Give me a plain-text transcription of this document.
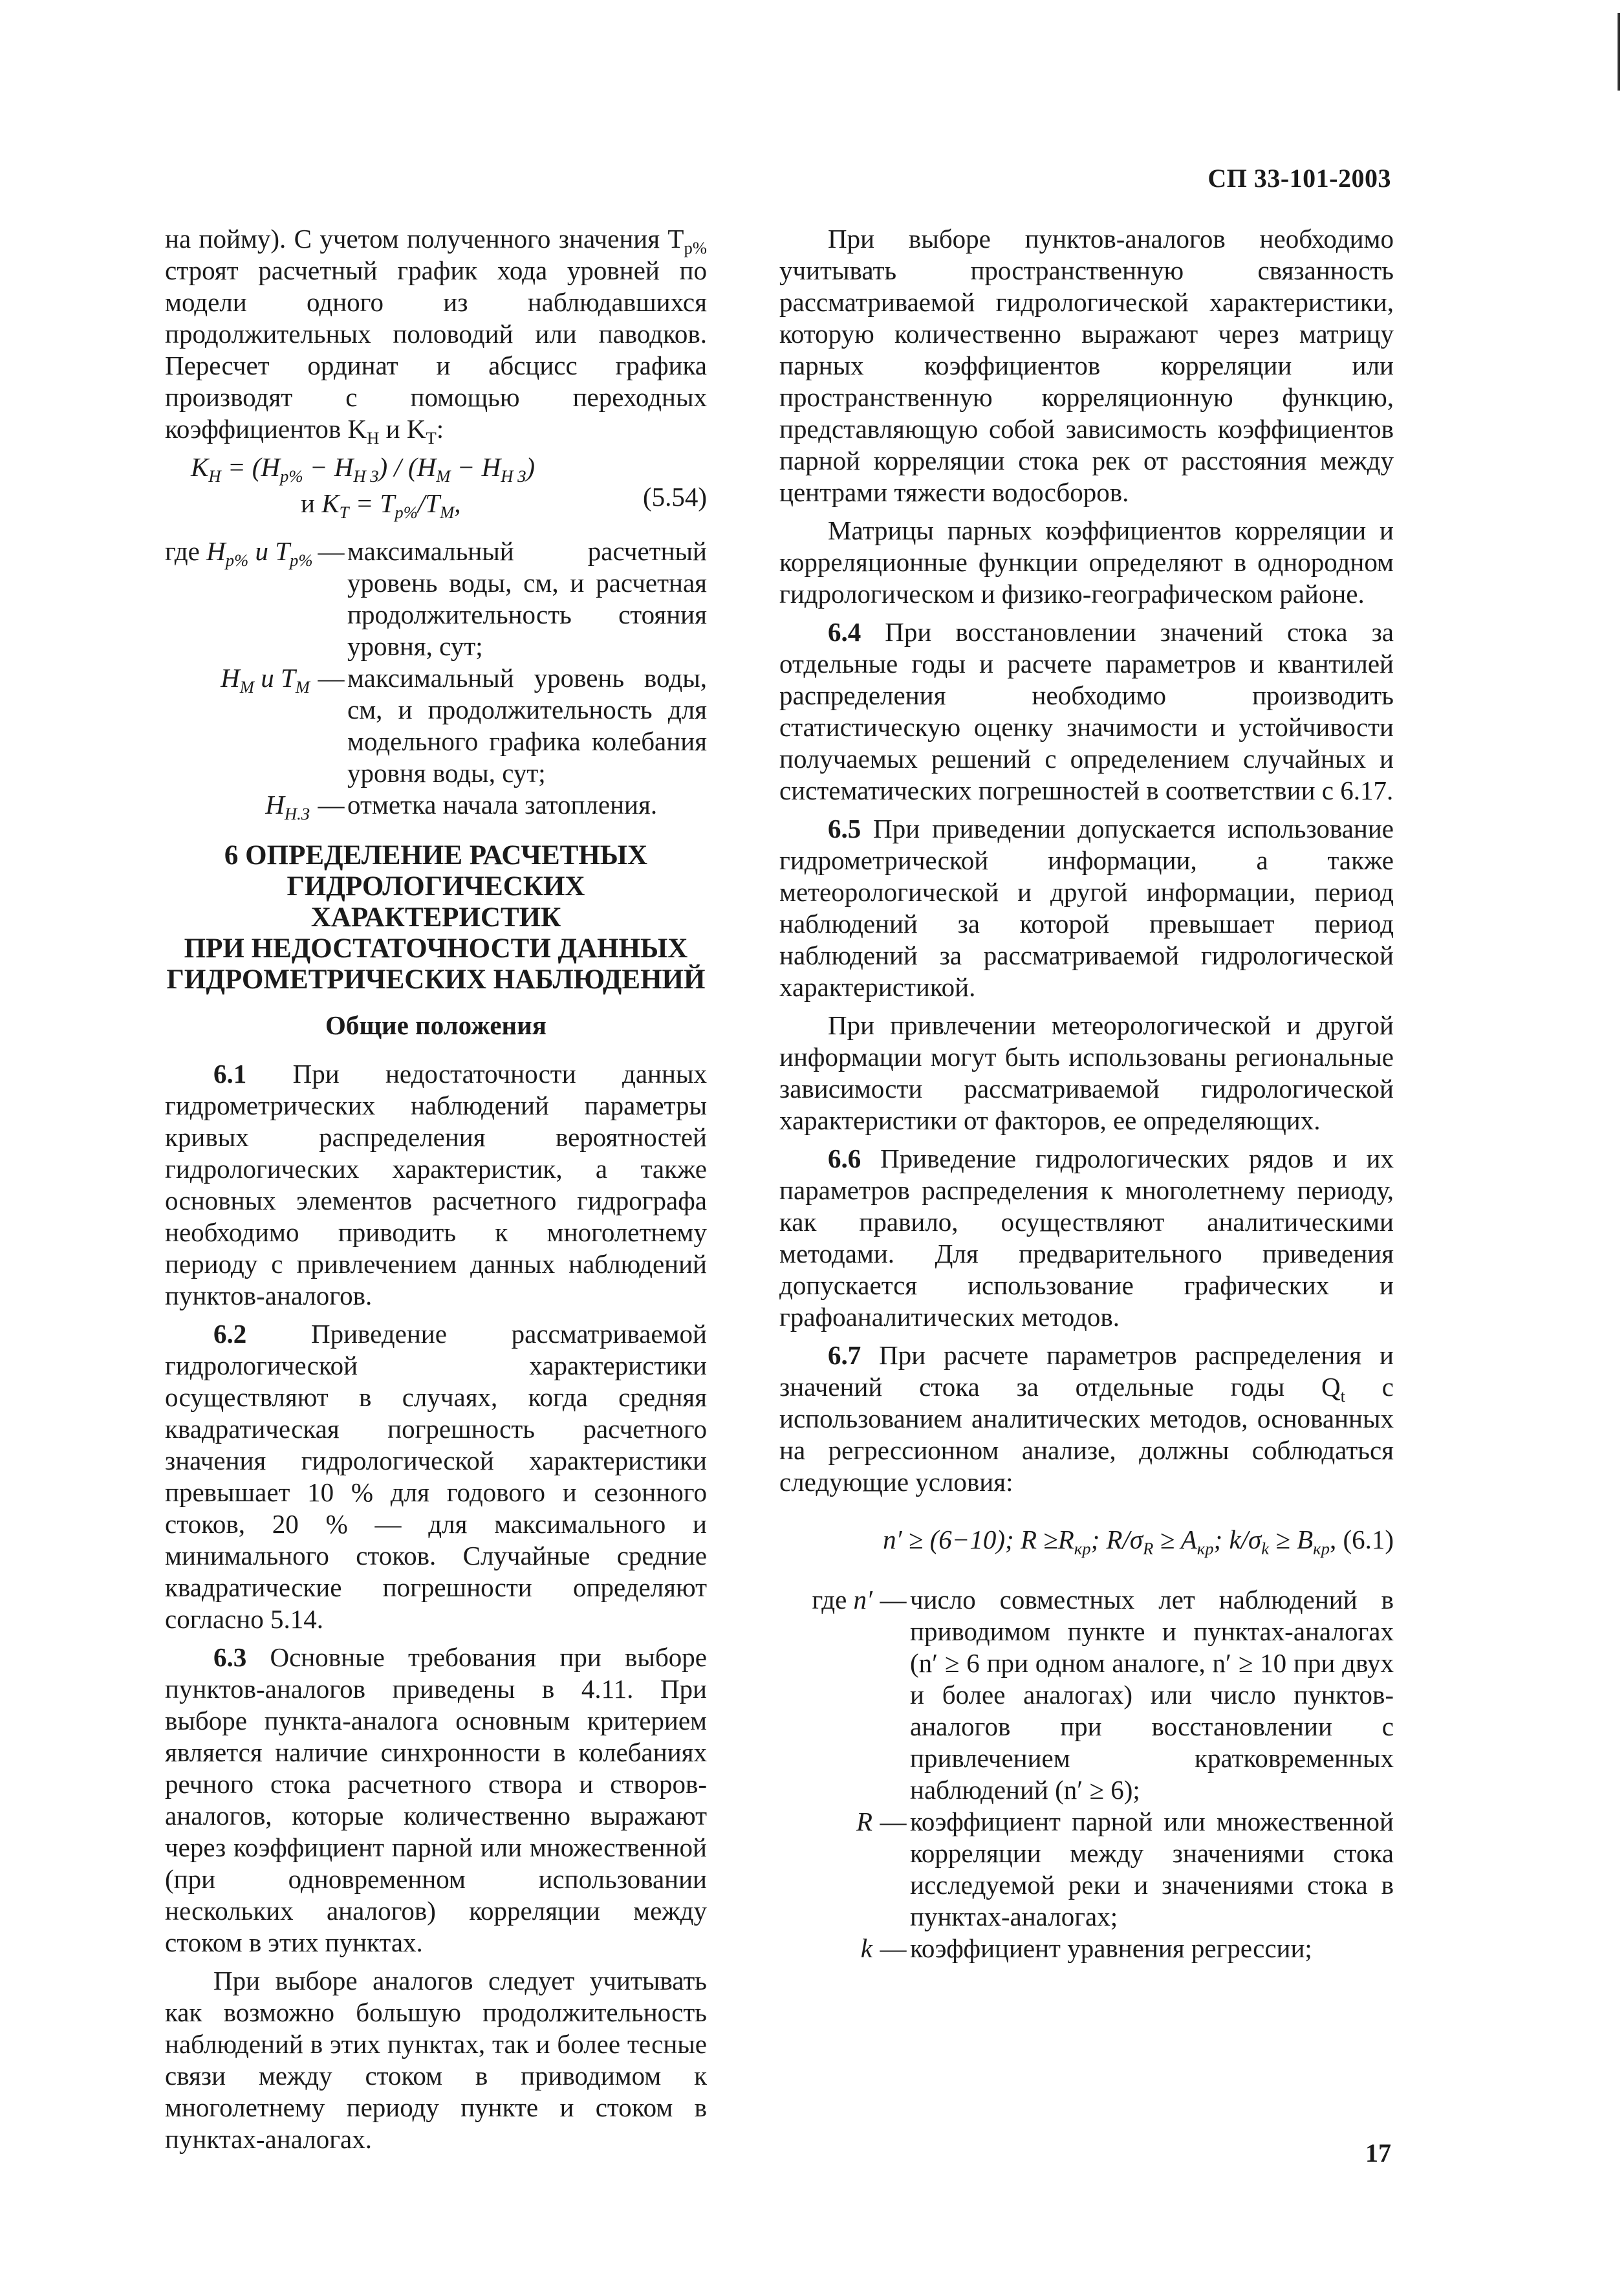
СП 33-101-2003

на пойму). С учетом полученного значения $T_{р\%}$ строят расчетный график хода уровней по модели одного из наблюдавшихся продолжительных половодий или паводков. Пересчет ординат и абсцисс графика производят с помощью переходных коэффициентов $K_H$ и $K_T$:

$K_H = (H_{р\%} - H_{Н З}) / (H_M - H_{Н З})$
и $K_T = T_{р\%}/T_M$,	(5.54)
где $H_{р\%}$ и $T_{р\%}$ — максимальный расчетный уровень воды, см, и расчетная продолжительность стояния уровня, сут;
$H_M$ и $T_M$ — максимальный уровень воды, см, и продолжительность для модельного графика колебания уровня воды, сут;
$H_{Н.З}$ — отметка начала затопления.
6 ОПРЕДЕЛЕНИЕ РАСЧЕТНЫХ
ГИДРОЛОГИЧЕСКИХ ХАРАКТЕРИСТИК
ПРИ НЕДОСТАТОЧНОСТИ ДАННЫХ
ГИДРОМЕТРИЧЕСКИХ НАБЛЮДЕНИЙ
Общие положения

6.1 При недостаточности данных гидрометрических наблюдений параметры кривых распределения вероятностей гидрологических характеристик, а также основных элементов расчетного гидрографа необходимо приводить к многолетнему периоду с привлечением данных наблюдений пунктов-аналогов.

6.2 Приведение рассматриваемой гидрологической характеристики осуществляют в случаях, когда средняя квадратическая погрешность расчетного значения гидрологической характеристики превышает 10 % для годового и сезонного стоков, 20 % — для максимального и минимального стоков. Случайные средние квадратические погрешности определяют согласно 5.14.

6.3 Основные требования при выборе пунктов-аналогов приведены в 4.11. При выборе пункта-аналога основным критерием является наличие синхронности в колебаниях речного стока расчетного створа и створов-аналогов, которые количественно выражают через коэффициент парной или множественной (при одновременном использовании нескольких аналогов) корреляции между стоком в этих пунктах.

При выборе аналогов следует учитывать как возможно большую продолжительность наблюдений в этих пунктах, так и более тесные связи между стоком в приводимом к многолетнему периоду пункте и стоком в пунктах-аналогах.

При выборе пунктов-аналогов необходимо учитывать пространственную связанность рассматриваемой гидрологической характеристики, которую количественно выражают через матрицу парных коэффициентов корреляции или пространственную корреляционную функцию, представляющую собой зависимость коэффициентов парной корреляции стока рек от расстояния между центрами тяжести водосборов.

Матрицы парных коэффициентов корреляции и корреляционные функции определяют в однородном гидрологическом и физико-географическом районе.

6.4 При восстановлении значений стока за отдельные годы и расчете параметров и квантилей распределения необходимо производить статистическую оценку значимости и устойчивости получаемых решений с определением случайных и систематических погрешностей в соответствии с 6.17.

6.5 При приведении допускается использование гидрометрической информации, а также метеорологической и другой информации, период наблюдений за которой превышает период наблюдений за рассматриваемой гидрологической характеристикой.

При привлечении метеорологической и другой информации могут быть использованы региональные зависимости рассматриваемой гидрологической характеристики от факторов, ее определяющих.

6.6 Приведение гидрологических рядов и их параметров распределения к многолетнему периоду, как правило, осуществляют аналитическими методами. Для предварительного приведения допускается использование графических и графоаналитических методов.

6.7 При расчете параметров распределения и значений стока за отдельные годы $Q_t$ с использованием аналитических методов, основанных на регрессионном анализе, должны соблюдаться следующие условия:

n′ ≥ (6−10); $R \ge R_{кр}$; $R/\sigma_R \ge A_{кр}$; $k/\sigma_k \ge B_{кр}$, (6.1)
где n′ — число совместных лет наблюдений в приводимом пункте и пунктах-аналогах (n′ ≥ 6 при одном аналоге, n′ ≥ 10 при двух и более аналогах) или число пунктов-аналогов при восстановлении с привлечением кратковременных наблюдений (n′ ≥ 6);
R — коэффициент парной или множественной корреляции между значениями стока исследуемой реки и значениями стока в пунктах-аналогах;
k — коэффициент уравнения регрессии;
17
